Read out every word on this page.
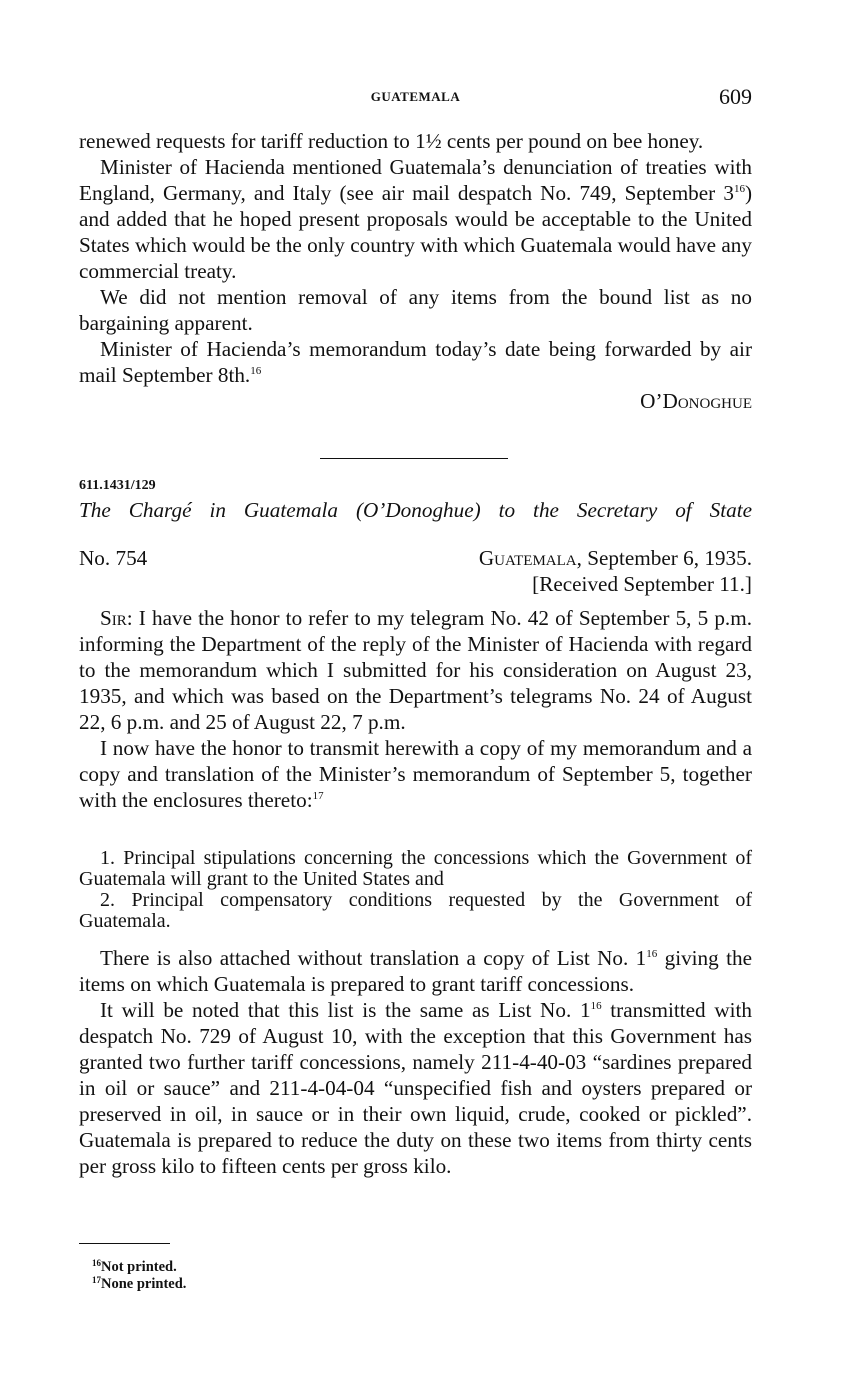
GUATEMALA	609

renewed requests for tariff reduction to 1½ cents per pound on bee honey.

Minister of Hacienda mentioned Guatemala’s denunciation of treaties with England, Germany, and Italy (see air mail despatch No. 749, September $3^{16}$) and added that he hoped present proposals would be acceptable to the United States which would be the only country with which Guatemala would have any commercial treaty.

We did not mention removal of any items from the bound list as no bargaining apparent.

Minister of Hacienda’s memorandum today’s date being forwarded by air mail September 8th.$^{16}$

O’Donoghue

611.1431/129
The Chargé in Guatemala (O’Donoghue) to the Secretary of State
No. 754	Guatemala, September 6, 1935.
[Received September 11.]

Sir: I have the honor to refer to my telegram No. 42 of September 5, 5 p.m. informing the Department of the reply of the Minister of Hacienda with regard to the memorandum which I submitted for his consideration on August 23, 1935, and which was based on the Department’s telegrams No. 24 of August 22, 6 p.m. and 25 of August 22, 7 p.m.

I now have the honor to transmit herewith a copy of my memorandum and a copy and translation of the Minister’s memorandum of September 5, together with the enclosures thereto:$^{17}$

1. Principal stipulations concerning the concessions which the Government of Guatemala will grant to the United States and

2. Principal compensatory conditions requested by the Government of Guatemala.

There is also attached without translation a copy of List No. $1^{16}$ giving the items on which Guatemala is prepared to grant tariff concessions.

It will be noted that this list is the same as List No. $1^{16}$ transmitted with despatch No. 729 of August 10, with the exception that this Government has granted two further tariff concessions, namely 211-4-40-03 “sardines prepared in oil or sauce” and 211-4-04-04 “unspecified fish and oysters prepared or preserved in oil, in sauce or in their own liquid, crude, cooked or pickled”. Guatemala is prepared to reduce the duty on these two items from thirty cents per gross kilo to fifteen cents per gross kilo.

$^{16}$Not printed.

$^{17}$None printed.
